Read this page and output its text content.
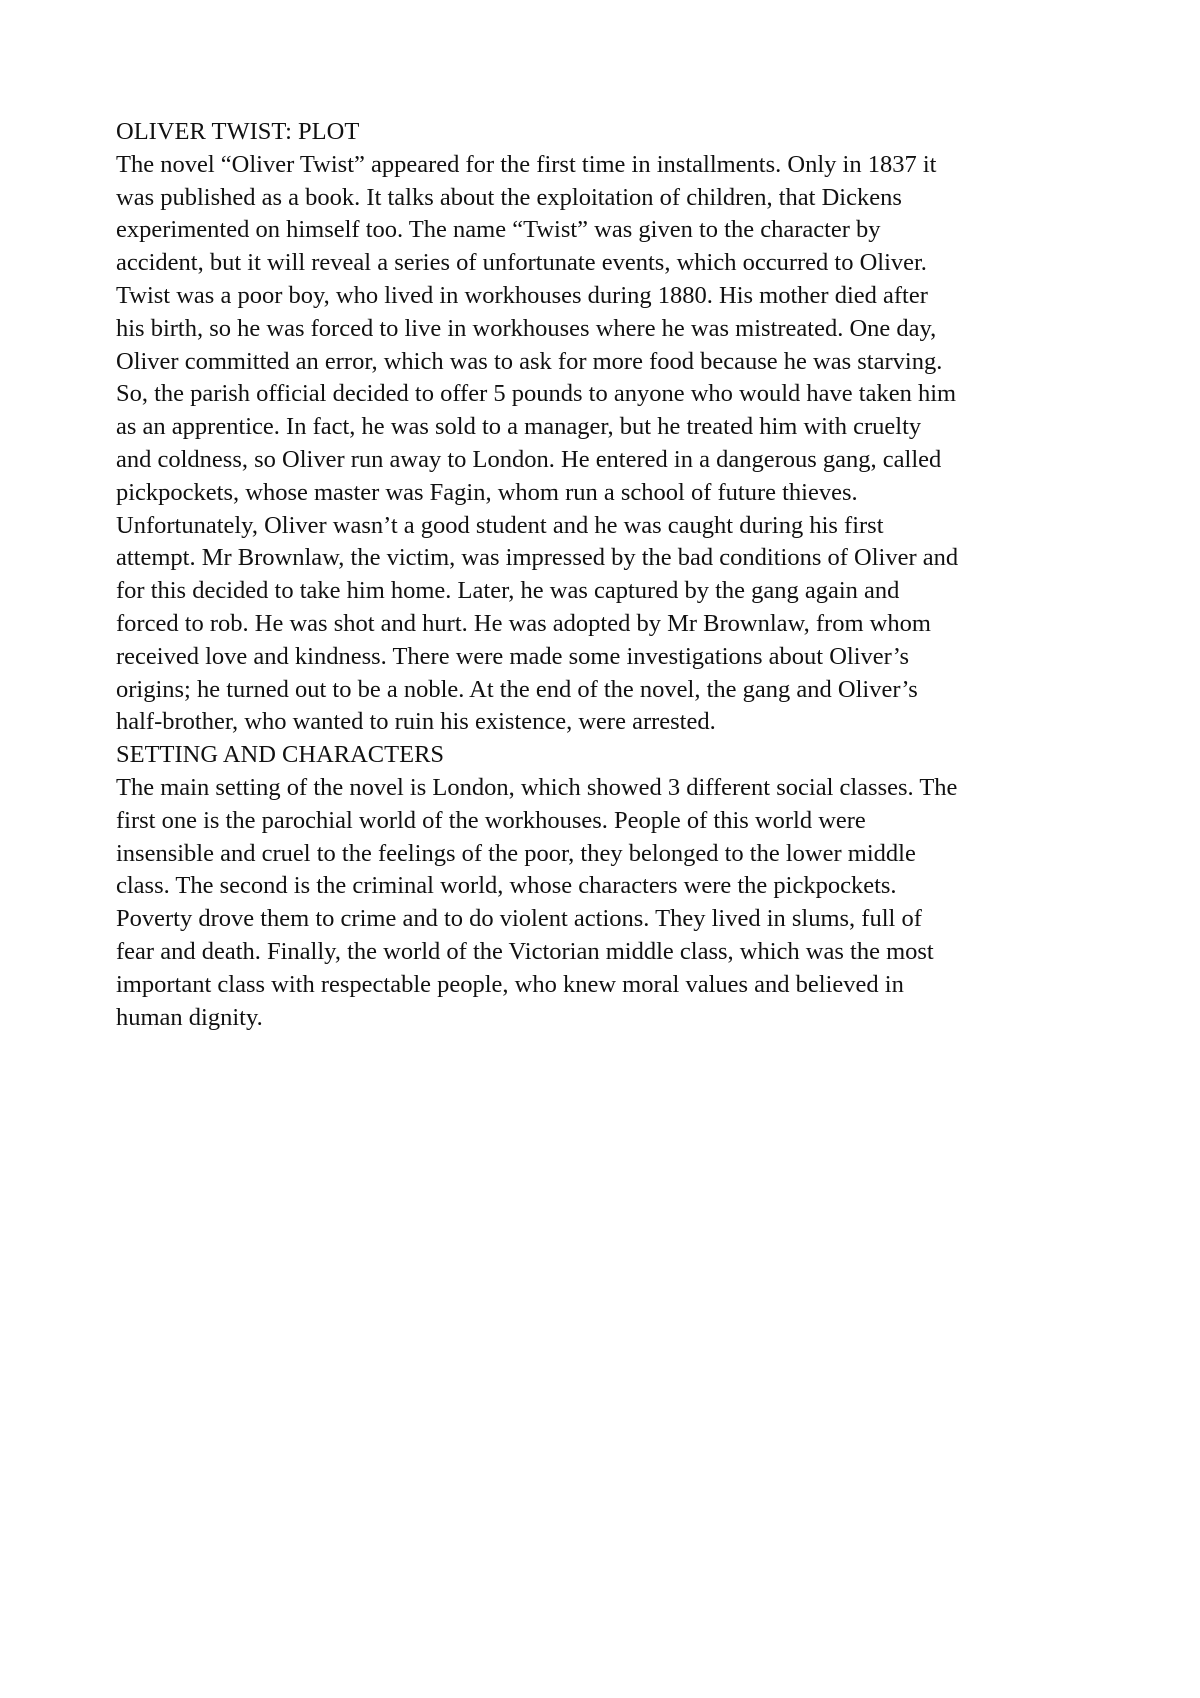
OLIVER TWIST: PLOT
The novel “Oliver Twist” appeared for the first time in installments. Only in 1837 it
was published as a book. It talks about the exploitation of children, that Dickens
experimented on himself too. The name “Twist” was given to the character by
accident, but it will reveal a series of unfortunate events, which occurred to Oliver.
Twist was a poor boy, who lived in workhouses during 1880. His mother died after
his birth, so he was forced to live in workhouses where he was mistreated. One day,
Oliver committed an error, which was to ask for more food because he was starving.
So, the parish official decided to offer 5 pounds to anyone who would have taken him
as an apprentice. In fact, he was sold to a manager, but he treated him with cruelty
and coldness, so Oliver run away to London. He entered in a dangerous gang, called
pickpockets, whose master was Fagin, whom run a school of future thieves.
Unfortunately, Oliver wasn’t a good student and he was caught during his first
attempt. Mr Brownlaw, the victim, was impressed by the bad conditions of Oliver and
for this decided to take him home. Later, he was captured by the gang again and
forced to rob. He was shot and hurt. He was adopted by Mr Brownlaw, from whom
received love and kindness. There were made some investigations about Oliver’s
origins; he turned out to be a noble. At the end of the novel, the gang and Oliver’s
half-brother, who wanted to ruin his existence, were arrested.
SETTING AND CHARACTERS
The main setting of the novel is London, which showed 3 different social classes. The
first one is the parochial world of the workhouses. People of this world were
insensible and cruel to the feelings of the poor, they belonged to the lower middle
class. The second is the criminal world, whose characters were the pickpockets.
Poverty drove them to crime and to do violent actions. They lived in slums, full of
fear and death. Finally, the world of the Victorian middle class, which was the most
important class with respectable people, who knew moral values and believed in
human dignity.
